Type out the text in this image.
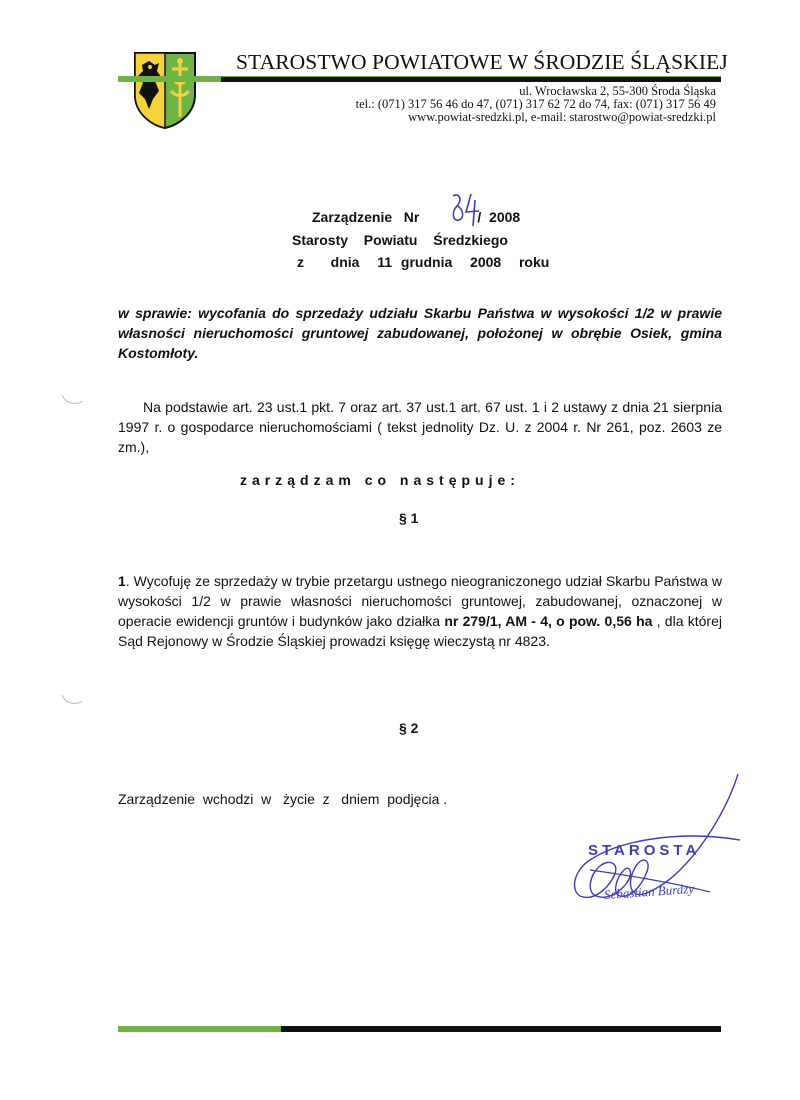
STAROSTWO POWIATOWE W ŚRODZIE ŚLĄSKIEJ
ul. Wrocławska 2, 55-300 Środa Śląska
tel.: (071) 317 56 46 do 47, (071) 317 62 72 do 74, fax: (071) 317 56 49
www.powiat-sredzki.pl, e-mail: starostwo@powiat-sredzki.pl
Zarządzenie   Nr	/  2008
Starosty  Powiatu  Średzkiego
z   dnia  11 grudnia  2008  roku
w sprawie: wycofania do sprzedaży udziału Skarbu Państwa w wysokości 1/2 w prawie własności nieruchomości gruntowej zabudowanej, położonej w obrębie Osiek, gmina Kostomłoty.
Na podstawie art. 23 ust.1 pkt. 7 oraz art. 37 ust.1 art. 67 ust. 1 i 2 ustawy z dnia 21 sierpnia 1997 r. o gospodarce nieruchomościami ( tekst jednolity Dz. U. z 2004 r. Nr 261, poz. 2603 ze zm.),
zarządzam co następuje:
§ 1
1. Wycofuję ze sprzedaży w trybie przetargu ustnego nieograniczonego udział Skarbu Państwa w wysokości 1/2 w prawie własności nieruchomości gruntowej, zabudowanej, oznaczonej w operacie ewidencji gruntów i budynków jako działka nr 279/1, AM - 4, o pow. 0,56 ha , dla której Sąd Rejonowy w Środzie Śląskiej prowadzi księgę wieczystą nr 4823.
§ 2
Zarządzenie  wchodzi  w   życie  z   dniem  podjęcia .
STAROSTA
Sebastian Burdzy
